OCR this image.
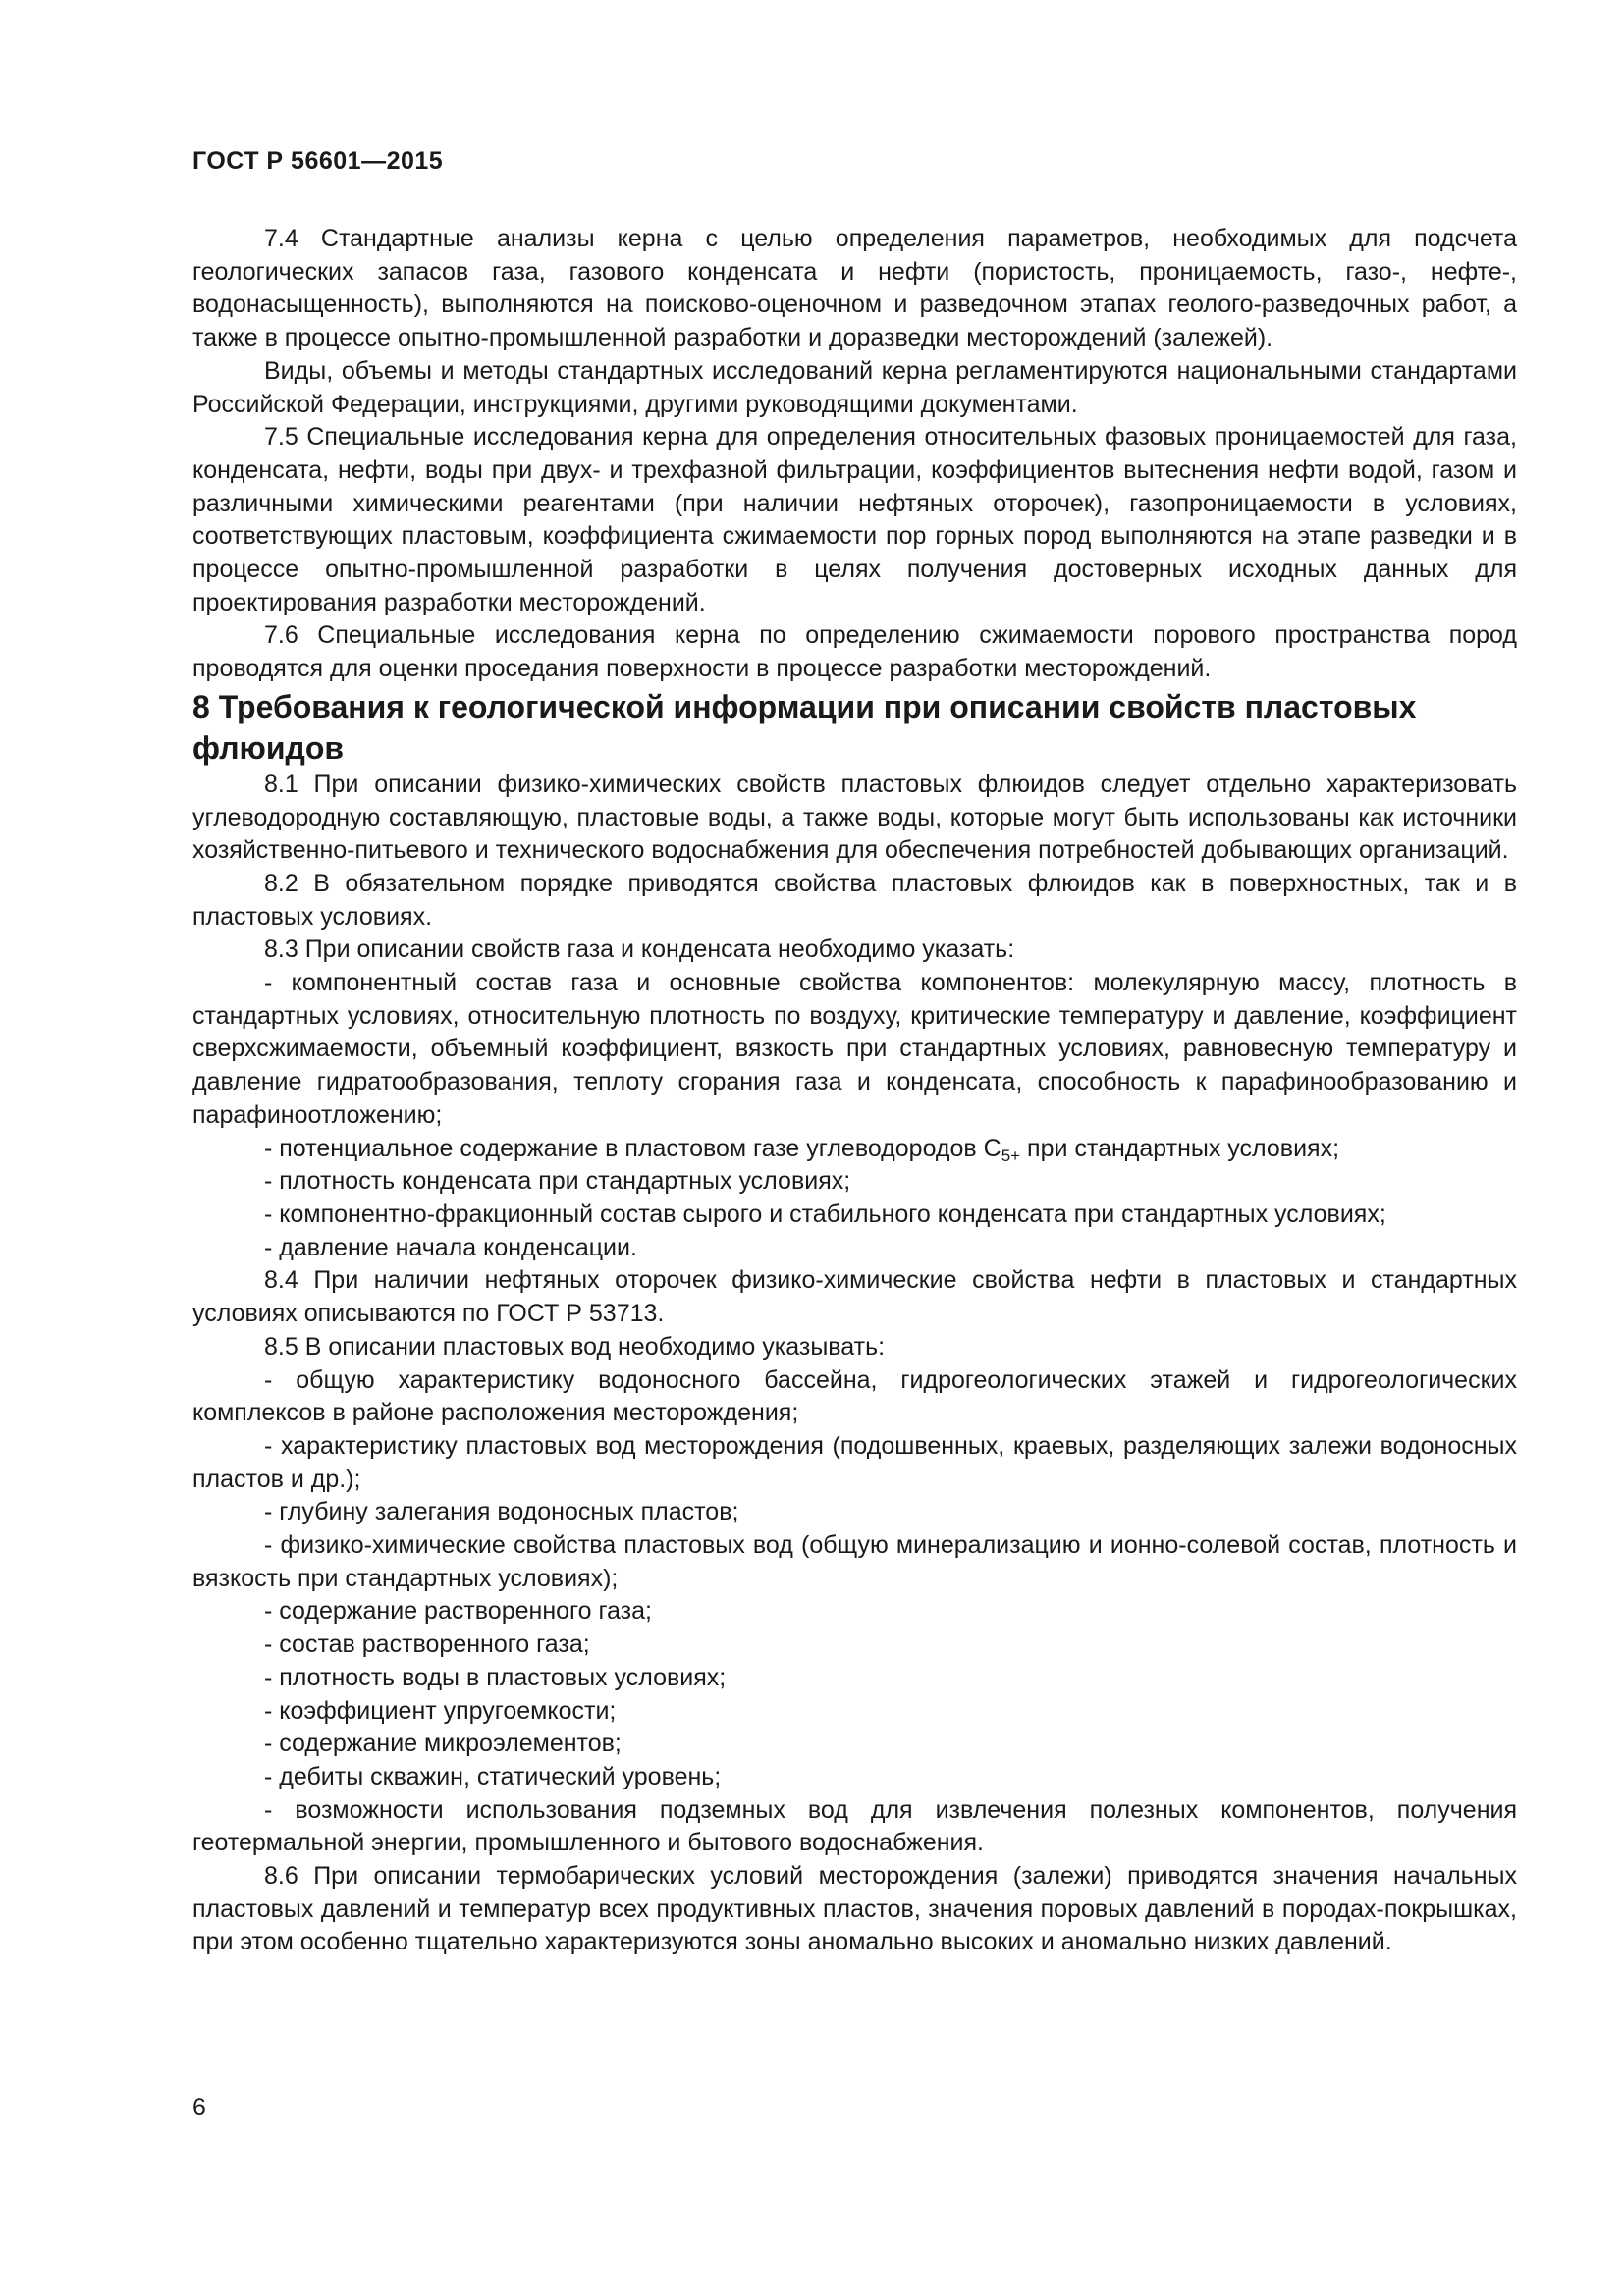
ГОСТ Р 56601—2015

7.4 Стандартные анализы керна с целью определения параметров, необходимых для подсчета геологических запасов газа, газового конденсата и нефти (пористость, проницаемость, газо-, нефте-, водонасыщенность), выполняются на поисково-оценочном и разведочном этапах геолого-разведочных работ, а также в процессе опытно-промышленной разработки и доразведки месторождений (залежей).

Виды, объемы и методы стандартных исследований керна регламентируются национальными стандартами Российской Федерации, инструкциями, другими руководящими документами.

7.5 Специальные исследования керна для определения относительных фазовых проницаемостей для газа, конденсата, нефти, воды при двух- и трехфазной фильтрации, коэффициентов вытеснения нефти водой, газом и различными химическими реагентами (при наличии нефтяных оторочек), газопроницаемости в условиях, соответствующих пластовым, коэффициента сжимаемости пор горных пород выполняются на этапе разведки и в процессе опытно-промышленной разработки в целях получения достоверных исходных данных для проектирования разработки месторождений.

7.6 Специальные исследования керна по определению сжимаемости порового пространства пород проводятся для оценки проседания поверхности в процессе разработки месторождений.

8 Требования к геологической информации при описании свойств пластовых флюидов

8.1 При описании физико-химических свойств пластовых флюидов следует отдельно характеризовать углеводородную составляющую, пластовые воды, а также воды, которые могут быть использованы как источники хозяйственно-питьевого и технического водоснабжения для обеспечения потребностей добывающих организаций.

8.2 В обязательном порядке приводятся свойства пластовых флюидов как в поверхностных, так и в пластовых условиях.

8.3 При описании свойств газа и конденсата необходимо указать:

- компонентный состав газа и основные свойства компонентов: молекулярную массу, плотность в стандартных условиях, относительную плотность по воздуху, критические температуру и давление, коэффициент сверхсжимаемости, объемный коэффициент, вязкость при стандартных условиях, равновесную температуру и давление гидратообразования, теплоту сгорания газа и конденсата, способность к парафинообразованию и парафиноотложению;

- потенциальное содержание в пластовом газе углеводородов $С_{5+}$ при стандартных условиях;

- плотность конденсата при стандартных условиях;

- компонентно-фракционный состав сырого и стабильного конденсата при стандартных условиях;

- давление начала конденсации.

8.4 При наличии нефтяных оторочек физико-химические свойства нефти в пластовых и стандартных условиях описываются по ГОСТ Р 53713.

8.5 В описании пластовых вод необходимо указывать:

- общую характеристику водоносного бассейна, гидрогеологических этажей и гидрогеологических комплексов в районе расположения месторождения;

- характеристику пластовых вод месторождения (подошвенных, краевых, разделяющих залежи водоносных пластов и др.);

- глубину залегания водоносных пластов;

- физико-химические свойства пластовых вод (общую минерализацию и ионно-солевой состав, плотность и вязкость при стандартных условиях);

- содержание растворенного газа;

- состав растворенного газа;

- плотность воды в пластовых условиях;

- коэффициент упругоемкости;

- содержание микроэлементов;

- дебиты скважин, статический уровень;

- возможности использования подземных вод для извлечения полезных компонентов, получения геотермальной энергии, промышленного и бытового водоснабжения.

8.6 При описании термобарических условий месторождения (залежи) приводятся значения начальных пластовых давлений и температур всех продуктивных пластов, значения поровых давлений в породах-покрышках, при этом особенно тщательно характеризуются зоны аномально высоких и аномально низких давлений.

6
